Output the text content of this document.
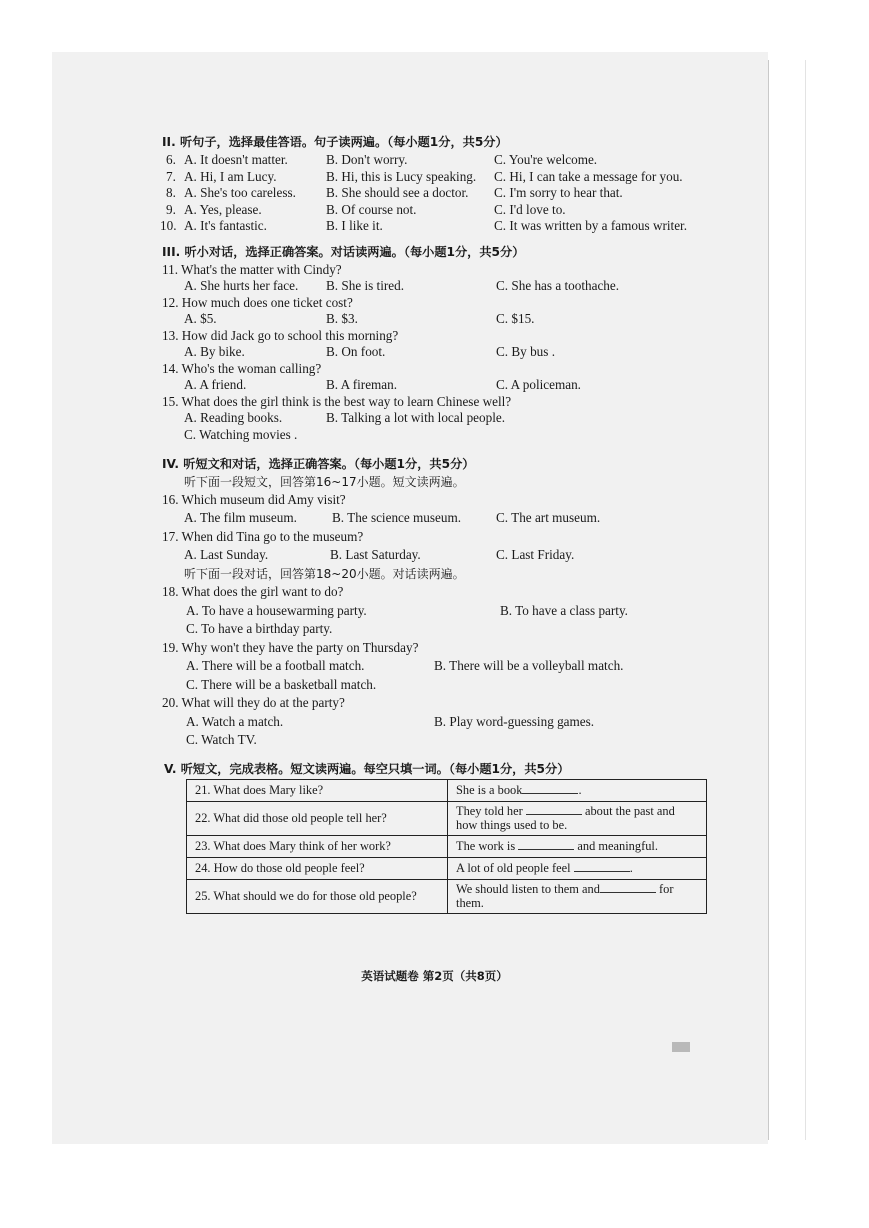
II. 听句子，选择最佳答语。句子读两遍。（每小题1分，共5分）
6. A. It doesn't matter.	B. Don't worry.	C. You're welcome.
7. A. Hi, I am Lucy.	B. Hi, this is Lucy speaking. C. Hi, I can take a message for you.
8. A. She's too careless. B. She should see a doctor. C. I'm sorry to hear that.
9. A. Yes, please.	B. Of course not.	C. I'd love to.
10. A. It's fantastic.	B. I like it.	C. It was written by a famous writer.
III. 听小对话，选择正确答案。对话读两遍。（每小题1分，共5分）
11. What's the matter with Cindy?
A. She hurts her face. B. She is tired.	C. She has a toothache.
12. How much does one ticket cost?
A. $5.	B. $3.	C. $15.
13. How did Jack go to school this morning?
A. By bike.	B. On foot.	C. By bus .
14. Who's the woman calling?
A. A friend.	B. A fireman.	C. A policeman.
15. What does the girl think is the best way to learn Chinese well?
A. Reading books.	B. Talking a lot with local people.
C. Watching movies .
IV. 听短文和对话，选择正确答案。（每小题1分，共5分）
听下面一段短文，回答第16~17小题。短文读两遍。
16. Which museum did Amy visit?
A. The film museum.	B. The science museum.	C. The art museum.
17. When did Tina go to the museum?
A. Last Sunday.	B. Last Saturday.	C. Last Friday.
听下面一段对话，回答第18~20小题。对话读两遍。
18. What does the girl want to do?
A. To have a housewarming party.	B. To have a class party.
C. To have a birthday party.
19. Why won't they have the party on Thursday?
A. There will be a football match.	B. There will be a volleyball match.
C. There will be a basketball match.
20. What will they do at the party?
A. Watch a match.	B. Play word-guessing games.
C. Watch TV.
V. 听短文，完成表格。短文读两遍。每空只填一词。（每小题1分，共5分）
21. What does Mary like?	She is a book .
22. What did those old people tell her?	They told her about the past and how things used to be.
23. What does Mary think of her work?	The work is and meaningful.
24. How do those old people feel?	A lot of old people feel .
25. What should we do for those old people?	We should listen to them and for them.
英语试题卷 第2页（共8页）
